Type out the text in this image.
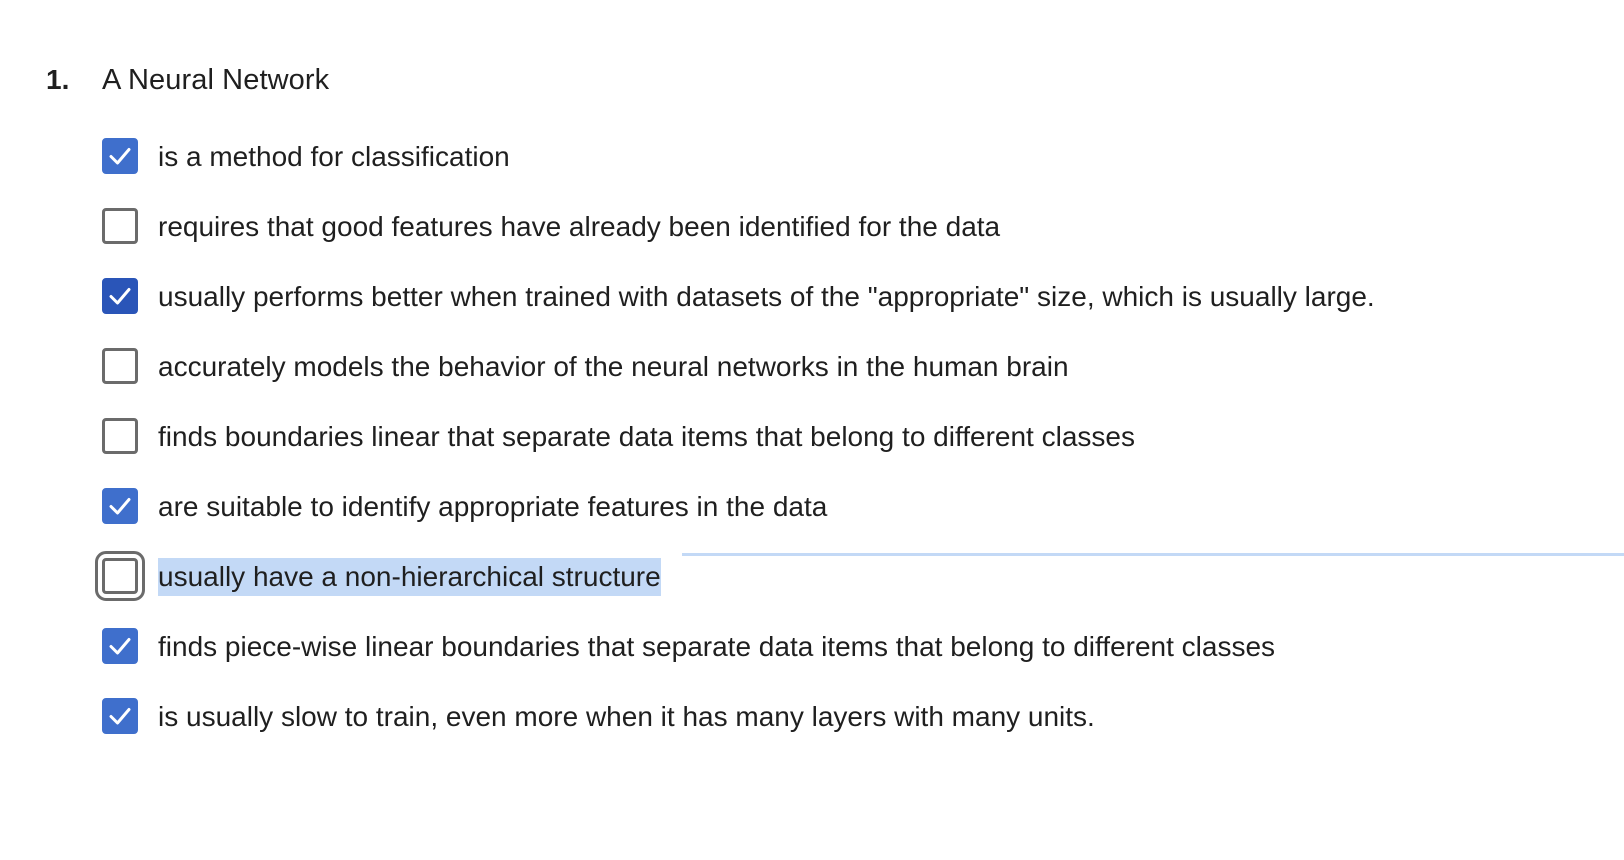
1.	A Neural Network
is a method for classification
requires that good features have already been identified for the data
usually performs better when trained with datasets of the "appropriate" size, which is usually large.
accurately models the behavior of the neural networks in the human brain
finds boundaries linear that separate data items that belong to different classes
are suitable to identify appropriate features in the data
usually have a non-hierarchical structure
finds piece-wise linear boundaries that separate data items that belong to different classes
is usually slow to train, even more when it has many layers with many units.
